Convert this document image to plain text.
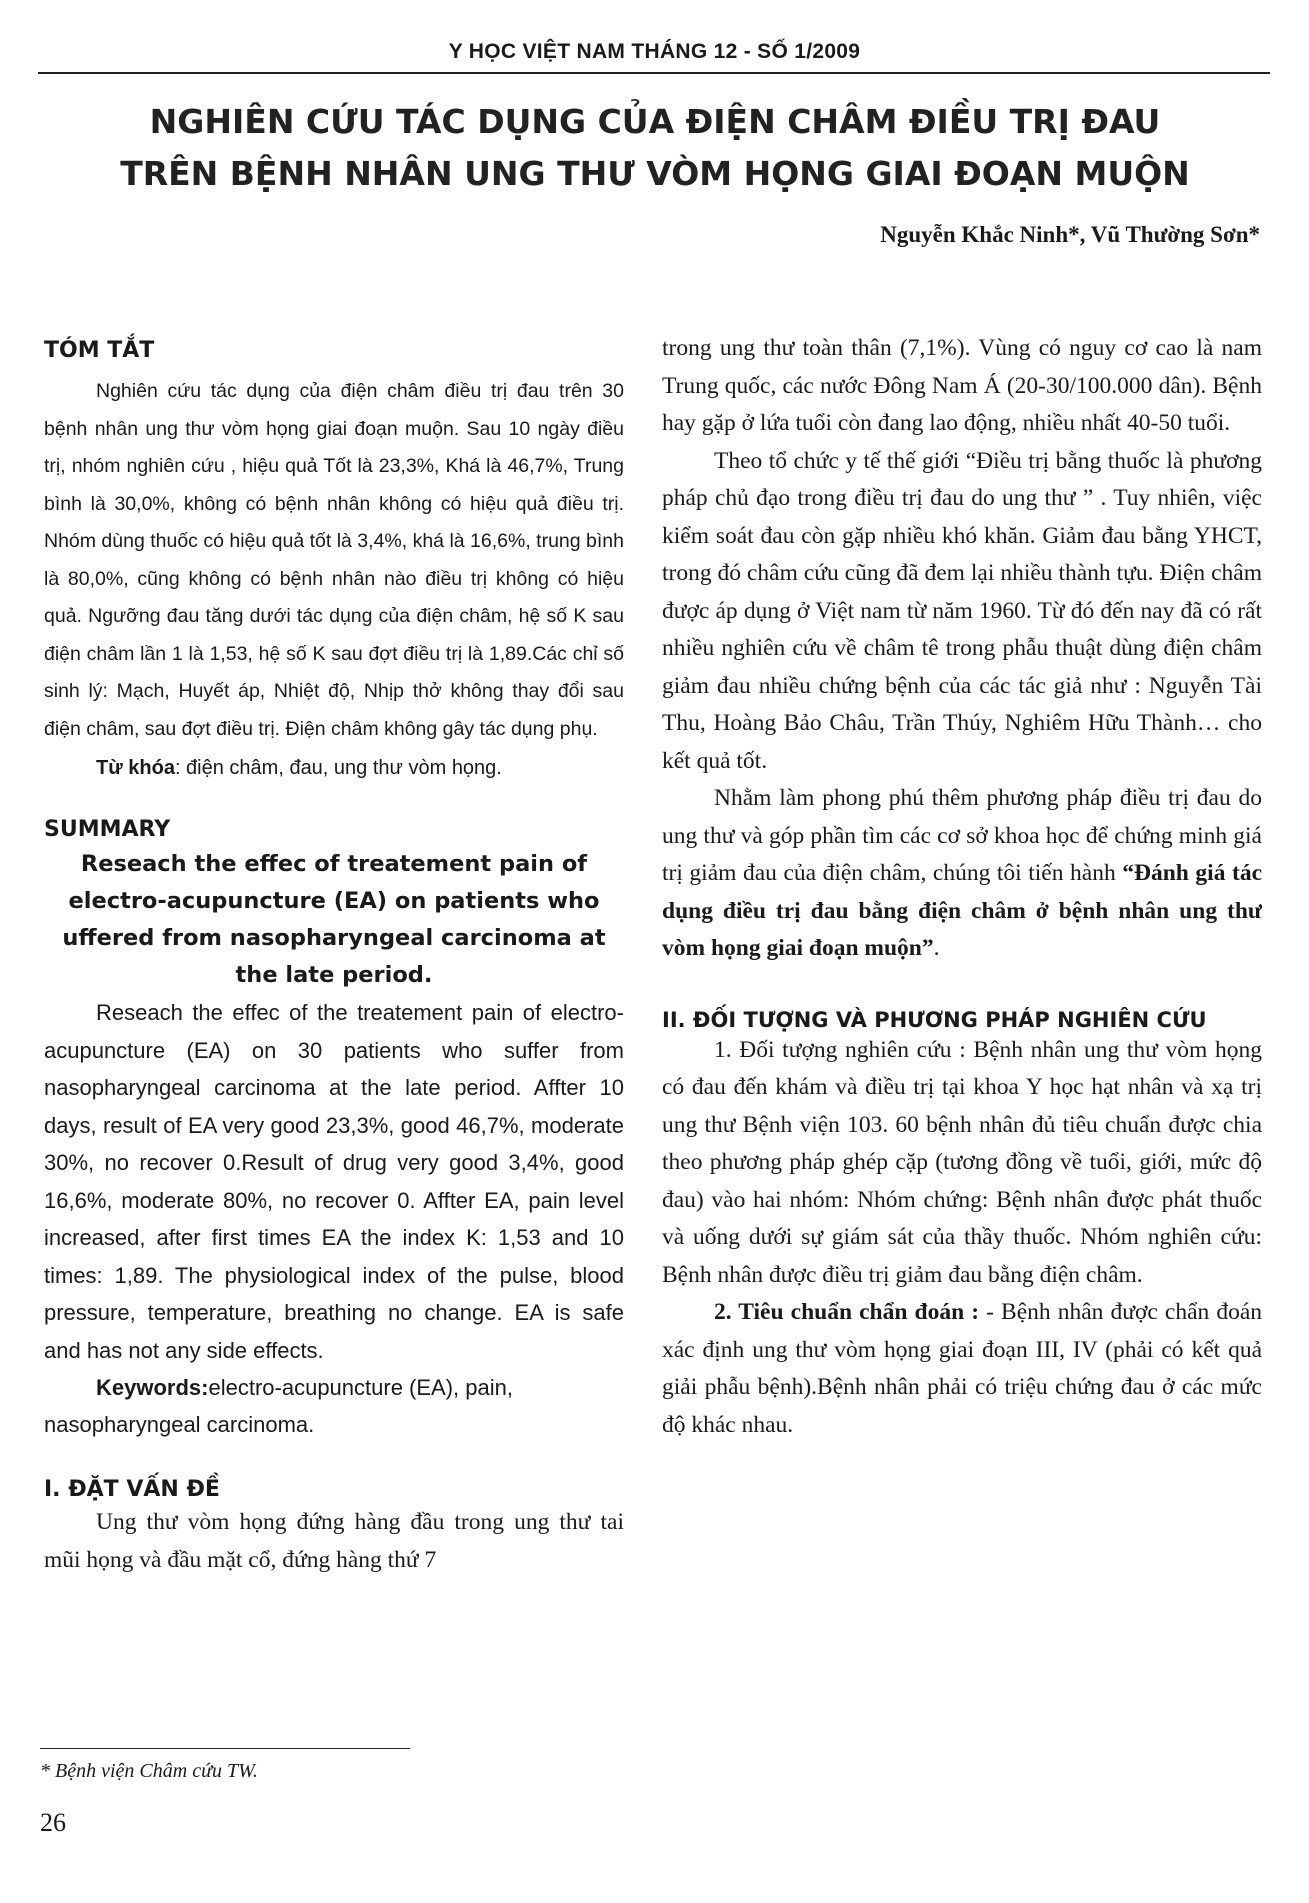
Y HỌC VIỆT NAM THÁNG 12 - SỐ 1/2009
NGHIÊN CỨU TÁC DỤNG CỦA ĐIỆN CHÂM ĐIỀU TRỊ ĐAU
TRÊN BỆNH NHÂN UNG THƯ VÒM HỌNG GIAI ĐOẠN MUỘN
Nguyễn Khắc Ninh*, Vũ Thường Sơn*
TÓM TẮT

Nghiên cứu tác dụng của điện châm điều trị đau trên 30 bệnh nhân ung thư vòm họng giai đoạn muộn. Sau 10 ngày điều trị, nhóm nghiên cứu , hiệu quả Tốt là 23,3%, Khá là 46,7%, Trung bình là 30,0%, không có bệnh nhân không có hiệu quả điều trị. Nhóm dùng thuốc có hiệu quả tốt là 3,4%, khá là 16,6%, trung bình là 80,0%, cũng không có bệnh nhân nào điều trị không có hiệu quả. Ngưỡng đau tăng dưới tác dụng của điện châm, hệ số K sau điện châm lần 1 là 1,53, hệ số K sau đợt điều trị là 1,89.Các chỉ số sinh lý: Mạch, Huyết áp, Nhiệt độ, Nhịp thở không thay đổi sau điện châm, sau đợt điều trị. Điện châm không gây tác dụng phụ.

Từ khóa: điện châm, đau, ung thư vòm họng.

SUMMARY

Reseach the effec of treatement pain of electro-acupuncture (EA) on patients who uffered from nasopharyngeal carcinoma at the late period.

Reseach the effec of the treatement pain of electro-acupuncture (EA) on 30 patients who suffer from nasopharyngeal carcinoma at the late period. Affter 10 days, result of EA very good 23,3%, good 46,7%, moderate 30%, no recover 0.Result of drug very good 3,4%, good 16,6%, moderate 80%, no recover 0. Affter EA, pain level increased, after first times EA the index K: 1,53 and 10 times: 1,89. The physiological index of the pulse, blood pressure, temperature, breathing no change. EA is safe and has not any side effects.

Keywords:electro-acupuncture (EA), pain, nasopharyngeal carcinoma.

I. ĐẶT VẤN ĐỀ

Ung thư vòm họng đứng hàng đầu trong ung thư tai mũi họng và đầu mặt cổ, đứng hàng thứ 7

trong ung thư toàn thân (7,1%). Vùng có nguy cơ cao là nam Trung quốc, các nước Đông Nam Á (20-30/100.000 dân). Bệnh hay gặp ở lứa tuổi còn đang lao động, nhiều nhất 40-50 tuổi.

Theo tổ chức y tế thế giới “Điều trị bằng thuốc là phương pháp chủ đạo trong điều trị đau do ung thư ” . Tuy nhiên, việc kiểm soát đau còn gặp nhiều khó khăn. Giảm đau bằng YHCT, trong đó châm cứu cũng đã đem lại nhiều thành tựu. Điện châm được áp dụng ở Việt nam từ năm 1960. Từ đó đến nay đã có rất nhiều nghiên cứu về châm tê trong phẫu thuật dùng điện châm giảm đau nhiều chứng bệnh của các tác giả như : Nguyễn Tài Thu, Hoàng Bảo Châu, Trần Thúy, Nghiêm Hữu Thành… cho kết quả tốt.

Nhằm làm phong phú thêm phương pháp điều trị đau do ung thư và góp phần tìm các cơ sở khoa học để chứng minh giá trị giảm đau của điện châm, chúng tôi tiến hành “Đánh giá tác dụng điều trị đau bằng điện châm ở bệnh nhân ung thư vòm họng giai đoạn muộn”.

II. ĐỐI TƯỢNG VÀ PHƯƠNG PHÁP NGHIÊN CỨU

1. Đối tượng nghiên cứu : Bệnh nhân ung thư vòm họng có đau đến khám và điều trị tại khoa Y học hạt nhân và xạ trị ung thư Bệnh viện 103. 60 bệnh nhân đủ tiêu chuẩn được chia theo phương pháp ghép cặp (tương đồng về tuổi, giới, mức độ đau) vào hai nhóm: Nhóm chứng: Bệnh nhân được phát thuốc và uống dưới sự giám sát của thầy thuốc. Nhóm nghiên cứu: Bệnh nhân được điều trị giảm đau bằng điện châm.

2. Tiêu chuẩn chẩn đoán : - Bệnh nhân được chẩn đoán xác định ung thư vòm họng giai đoạn III, IV (phải có kết quả giải phẫu bệnh).Bệnh nhân phải có triệu chứng đau ở các mức độ khác nhau.

* Bệnh viện Châm cứu TW.
26
